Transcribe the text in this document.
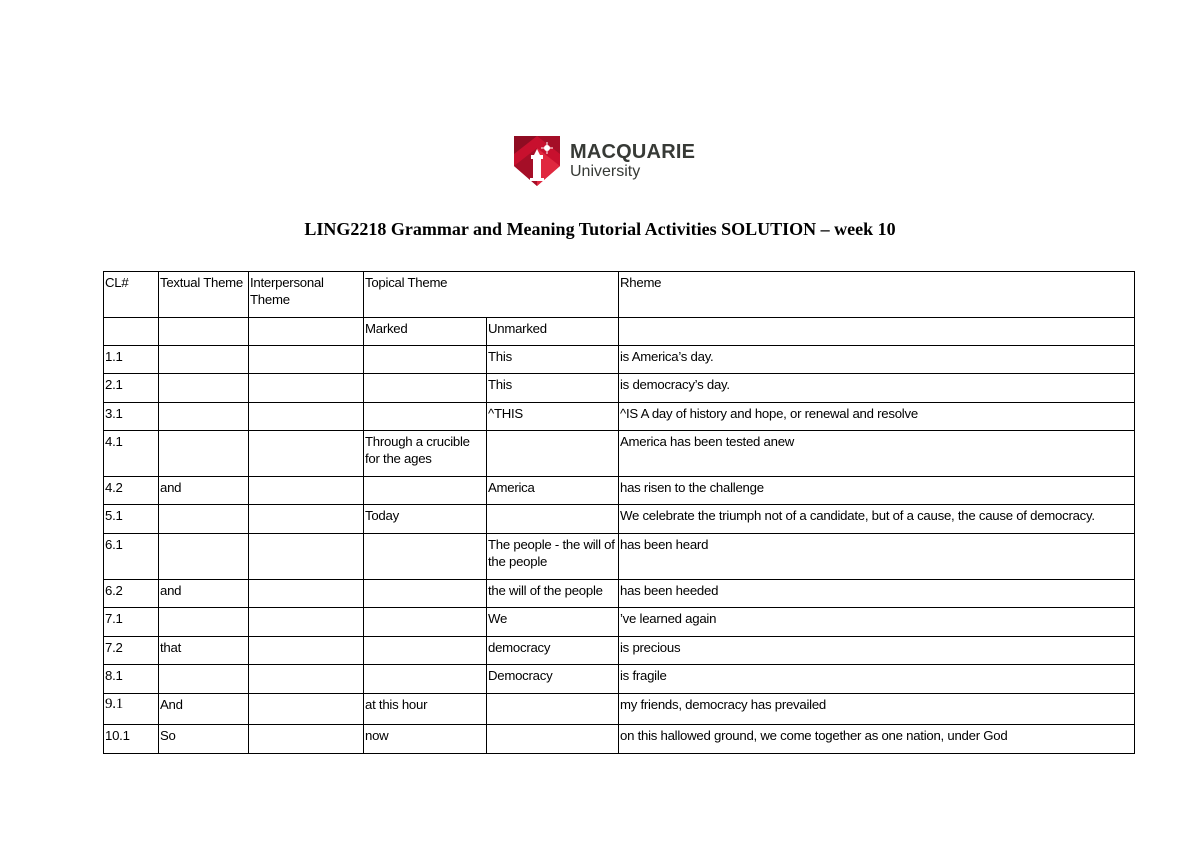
MACQUARIE
University
LING2218 Grammar and Meaning Tutorial Activities SOLUTION – week 10
CL#	Textual Theme	Interpersonal Theme	Topical Theme		Rheme
			Marked	Unmarked	
1.1				This	is America’s day.
2.1				This	is democracy’s day.
3.1				^THIS	^IS A day of history and hope, or renewal and resolve
4.1			Through a crucible for the ages		America has been tested anew
4.2	and			America	has risen to the challenge
5.1			Today		We celebrate the triumph not of a candidate, but of a cause, the cause of democracy.
6.1				The people - the will of the people	has been heard
6.2	and			the will of the people	has been heeded
7.1				We	’ve learned again
7.2	that			democracy	is precious
8.1				Democracy	is fragile
9.1	And		at this hour		my friends, democracy has prevailed
10.1	So		now		on this hallowed ground, we come together as one nation, under God
